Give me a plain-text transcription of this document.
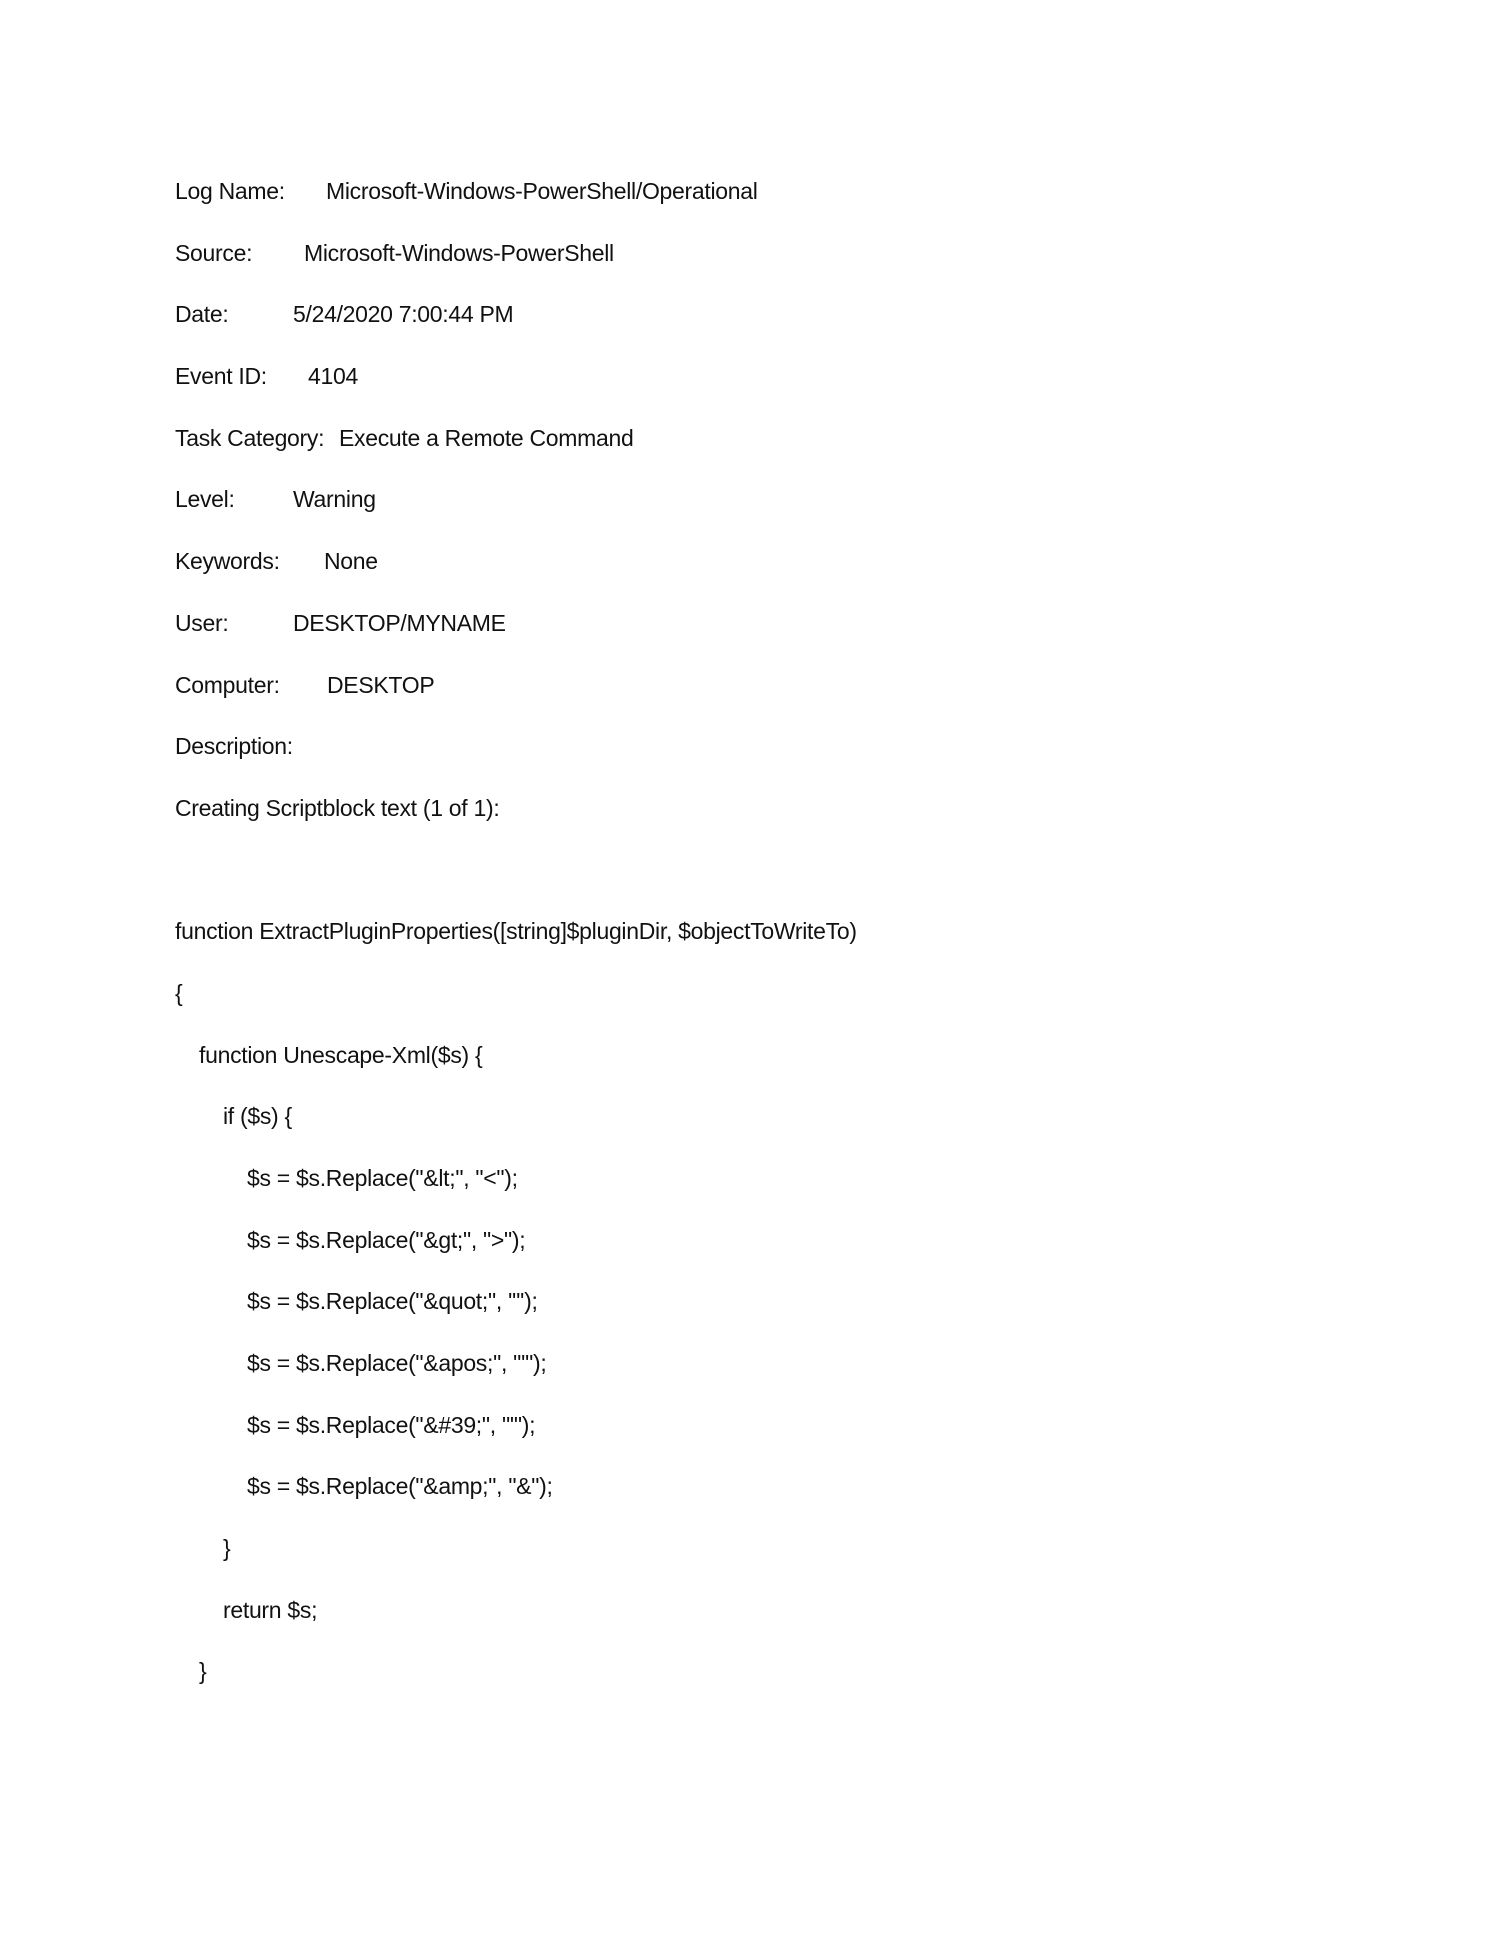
Log Name:

Microsoft-Windows-PowerShell/Operational

Source:

Microsoft-Windows-PowerShell

Date:

	5/24/2020 7:00:44 PM

Event ID:

4104

Task Category:

Execute a Remote Command

Level:

	Warning

Keywords:

None

User:

	DESKTOP/MYNAME

Computer:

DESKTOP

Description:
Creating Scriptblock text (1 of 1):
function ExtractPluginProperties([string]$pluginDir, $objectToWriteTo)
{
function Unescape-Xml($s) {
if ($s) {
$s = $s.Replace("&lt;", "<");
$s = $s.Replace("&gt;", ">");
$s = $s.Replace("&quot;", '"');
$s = $s.Replace("&apos;", "'");
$s = $s.Replace("&#39;", "'");
$s = $s.Replace("&amp;", "&");
}
return $s;
}
